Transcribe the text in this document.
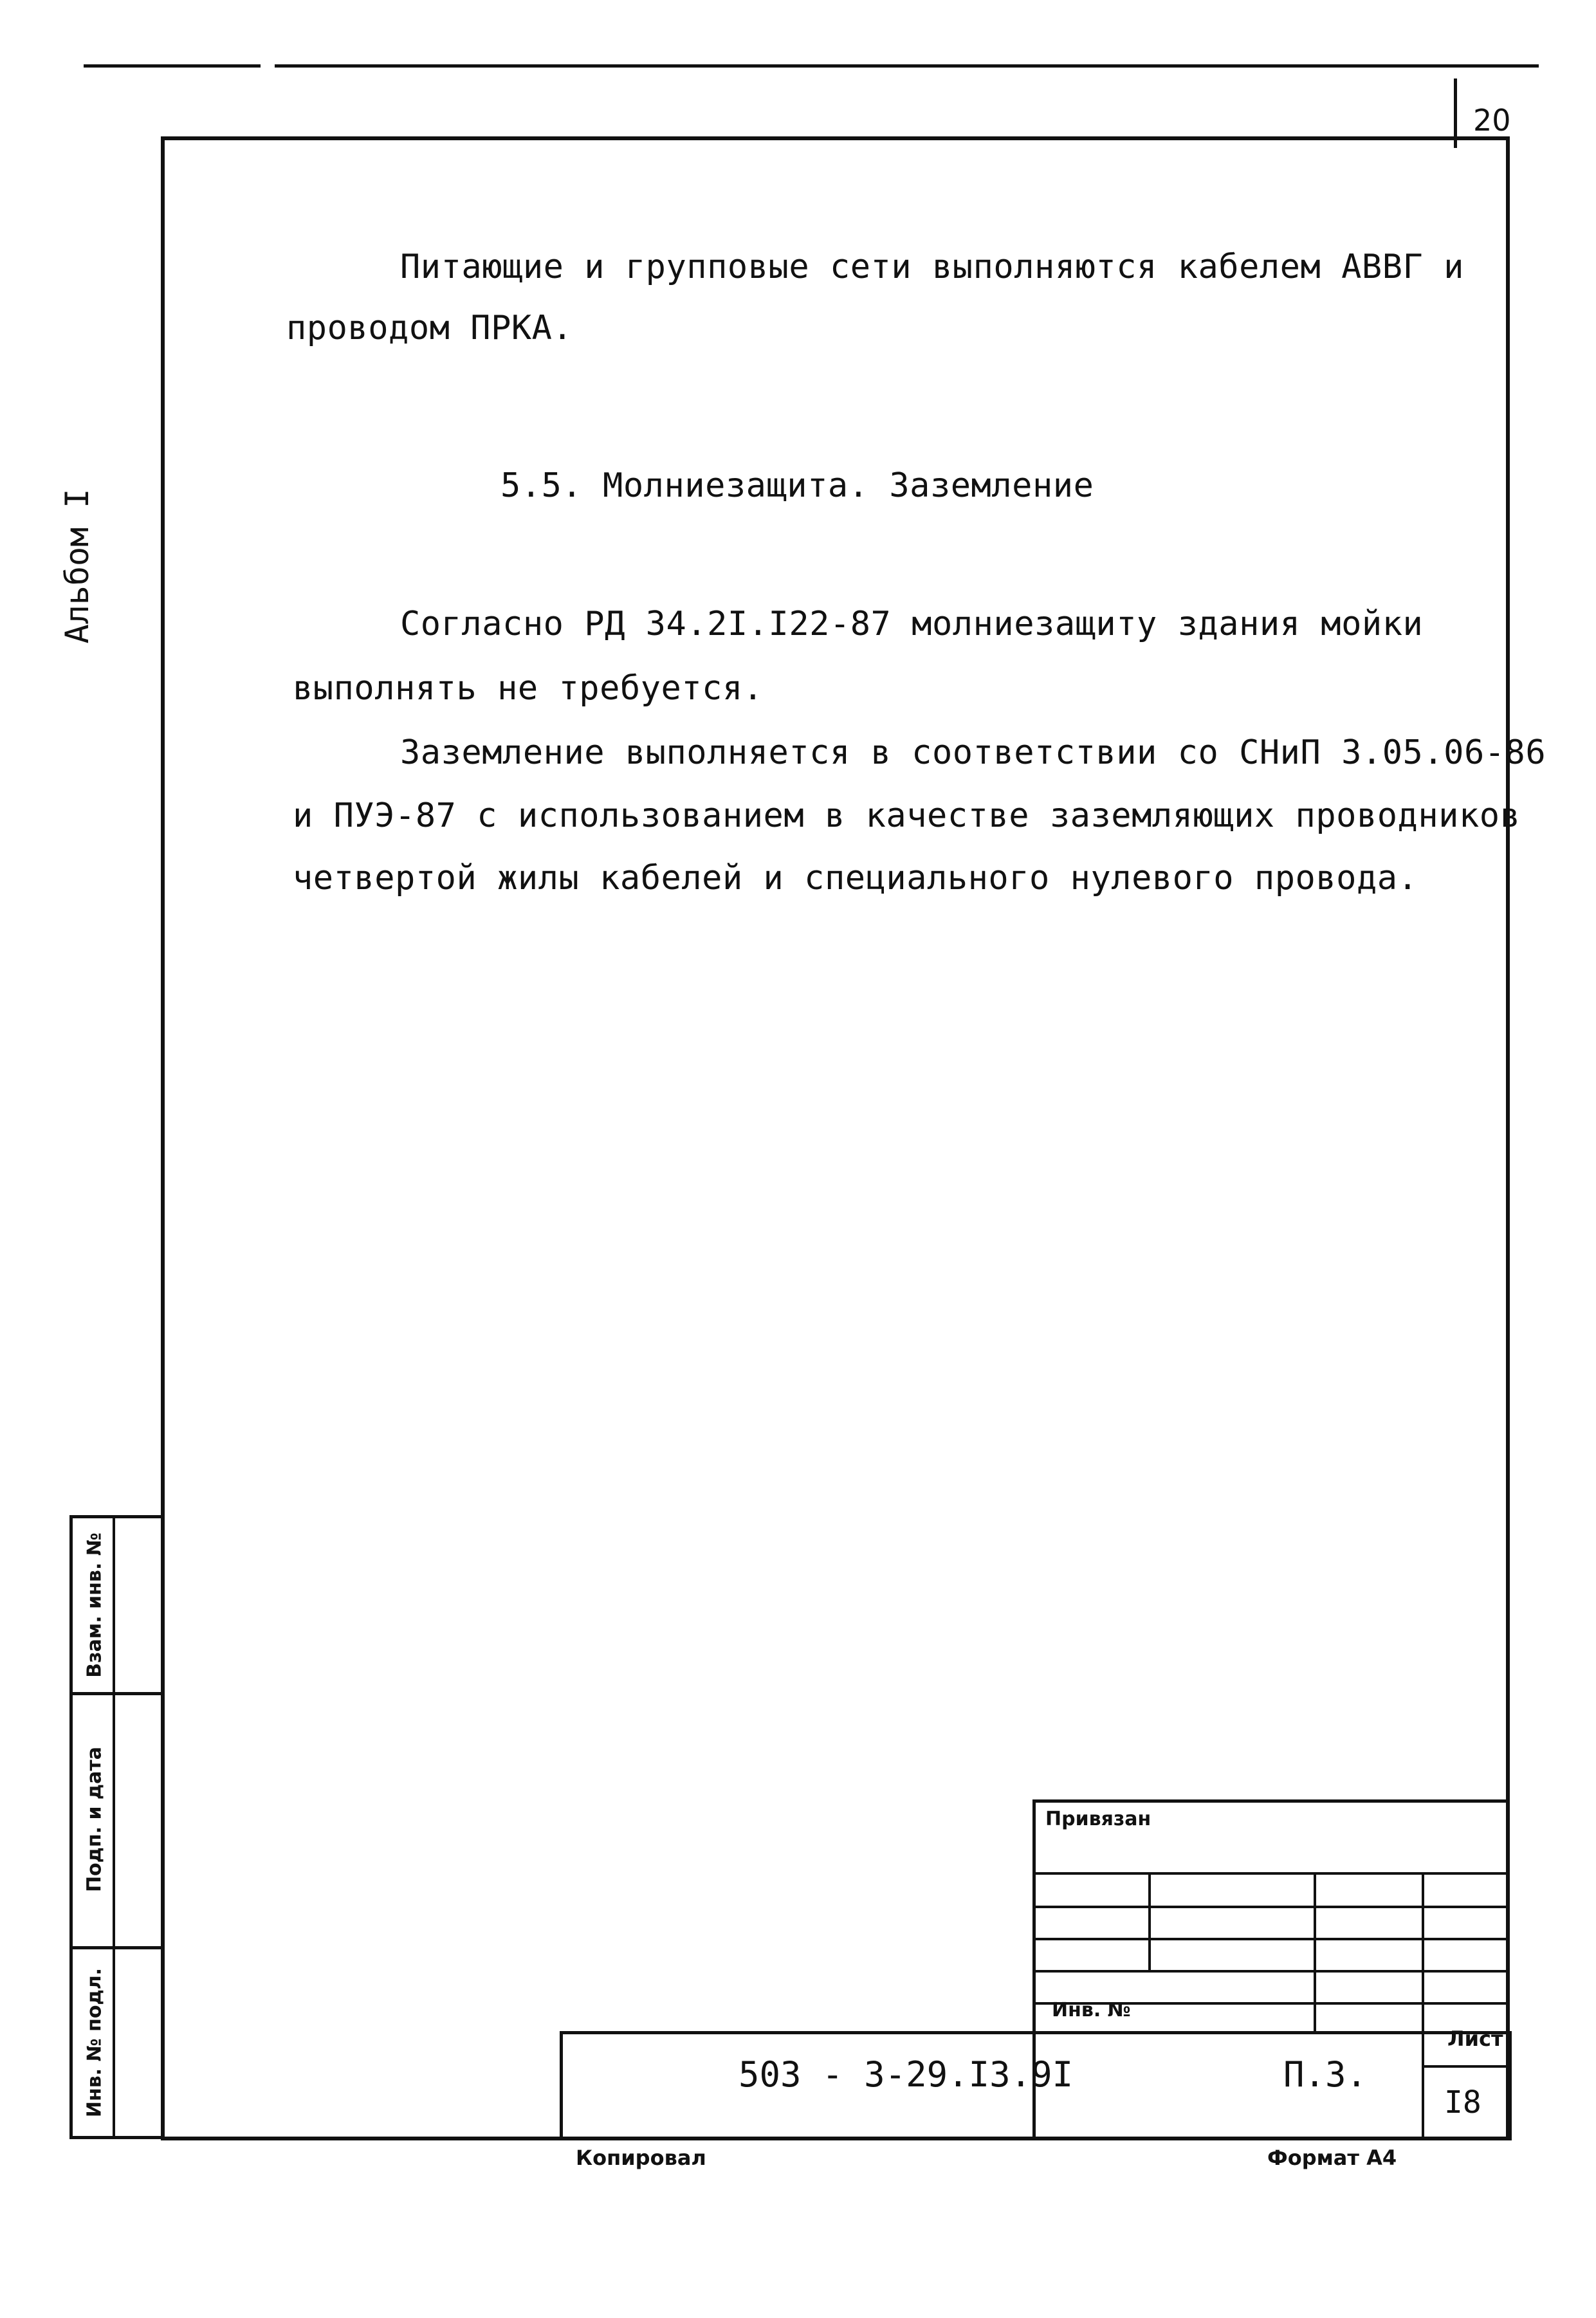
20
Альбом I
Питающие и групповые сети выполняются кабелем АВВГ и
проводом ПРКА.
5.5. Молниезащита. Заземление
Согласно РД 34.2I.I22-87 молниезащиту здания мойки
выполнять не требуется.
Заземление выполняется в соответствии со СНиП 3.05.06-86
и ПУЭ-87 с использованием в качестве заземляющих проводников
четвертой жилы кабелей и специального нулевого провода.
Взам. инв. №
Подп. и дата
Инв. № подл.
Привязан
Инв. №
503 - 3-29.I3.9I	П.3.
Лист
I8
Копировал	Формат А4
